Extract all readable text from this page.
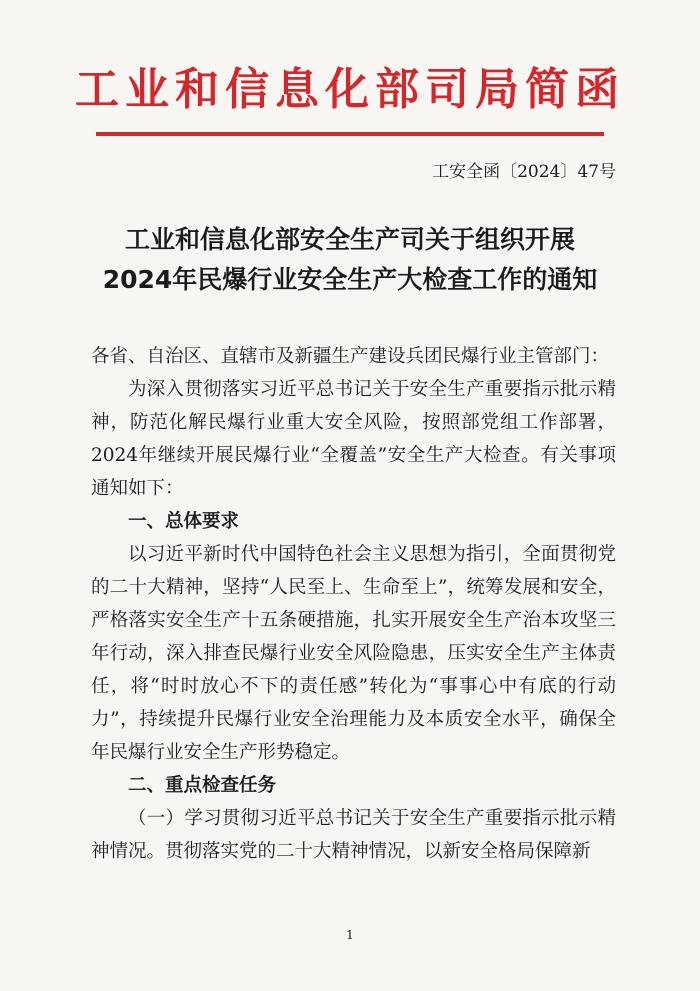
工业和信息化部司局简函
工安全函〔2024〕47号
工业和信息化部安全生产司关于组织开展
2024年民爆行业安全生产大检查工作的通知

各省、自治区、直辖市及新疆生产建设兵团民爆行业主管部门：

为深入贯彻落实习近平总书记关于安全生产重要指示批示精神，防范化解民爆行业重大安全风险，按照部党组工作部署，2024年继续开展民爆行业“全覆盖”安全生产大检查。有关事项通知如下：

一、总体要求

以习近平新时代中国特色社会主义思想为指引，全面贯彻党的二十大精神，坚持“人民至上、生命至上”，统筹发展和安全，严格落实安全生产十五条硬措施，扎实开展安全生产治本攻坚三年行动，深入排查民爆行业安全风险隐患，压实安全生产主体责任，将“时时放心不下的责任感”转化为“事事心中有底的行动力”，持续提升民爆行业安全治理能力及本质安全水平，确保全年民爆行业安全生产形势稳定。

二、重点检查任务

（一）学习贯彻习近平总书记关于安全生产重要指示批示精神情况。贯彻落实党的二十大精神情况，以新安全格局保障新

1
